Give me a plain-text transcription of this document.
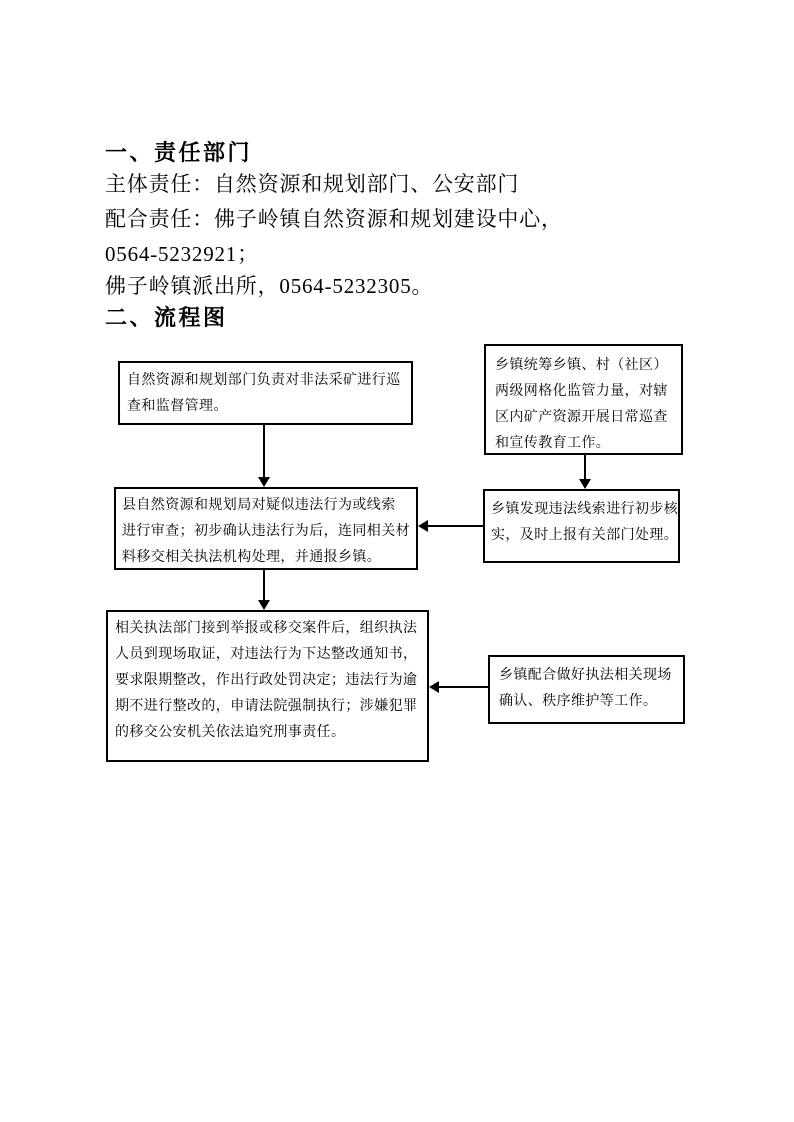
一、责任部门
主体责任：自然资源和规划部门、公安部门
配合责任：佛子岭镇自然资源和规划建设中心，
0564-5232921；
佛子岭镇派出所，0564-5232305。
二、流程图
自然资源和规划部门负责对非法采矿进行巡
查和监督管理。
乡镇统筹乡镇、村（社区）
两级网格化监管力量，对辖
区内矿产资源开展日常巡查
和宣传教育工作。
县自然资源和规划局对疑似违法行为或线索
进行审查；初步确认违法行为后，连同相关材
料移交相关执法机构处理，并通报乡镇。
乡镇发现违法线索进行初步核
实，及时上报有关部门处理。
相关执法部门接到举报或移交案件后，组织执法
人员到现场取证，对违法行为下达整改通知书，
要求限期整改，作出行政处罚决定；违法行为逾
期不进行整改的，申请法院强制执行；涉嫌犯罪
的移交公安机关依法追究刑事责任。
乡镇配合做好执法相关现场
确认、秩序维护等工作。
